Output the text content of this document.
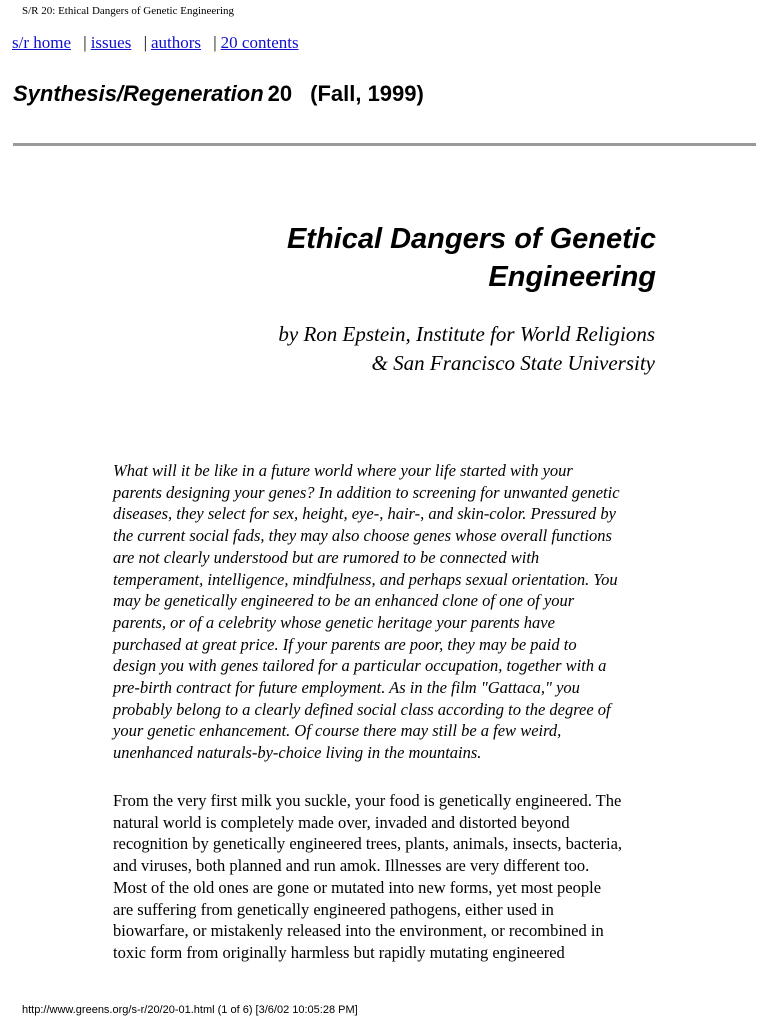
S/R 20: Ethical Dangers of Genetic Engineering
s/r home | issues | authors | 20 contents
Synthesis/Regeneration 20 (Fall, 1999)
Ethical Dangers of Genetic
Engineering
by Ron Epstein, Institute for World Religions
& San Francisco State University
What will it be like in a future world where your life started with your
parents designing your genes? In addition to screening for unwanted genetic
diseases, they select for sex, height, eye-, hair-, and skin-color. Pressured by
the current social fads, they may also choose genes whose overall functions
are not clearly understood but are rumored to be connected with
temperament, intelligence, mindfulness, and perhaps sexual orientation. You
may be genetically engineered to be an enhanced clone of one of your
parents, or of a celebrity whose genetic heritage your parents have
purchased at great price. If your parents are poor, they may be paid to
design you with genes tailored for a particular occupation, together with a
pre-birth contract for future employment. As in the film "Gattaca," you
probably belong to a clearly defined social class according to the degree of
your genetic enhancement. Of course there may still be a few weird,
unenhanced naturals-by-choice living in the mountains.
From the very first milk you suckle, your food is genetically engineered. The
natural world is completely made over, invaded and distorted beyond
recognition by genetically engineered trees, plants, animals, insects, bacteria,
and viruses, both planned and run amok. Illnesses are very different too.
Most of the old ones are gone or mutated into new forms, yet most people
are suffering from genetically engineered pathogens, either used in
biowarfare, or mistakenly released into the environment, or recombined in
toxic form from originally harmless but rapidly mutating engineered
http://www.greens.org/s-r/20/20-01.html (1 of 6) [3/6/02 10:05:28 PM]
